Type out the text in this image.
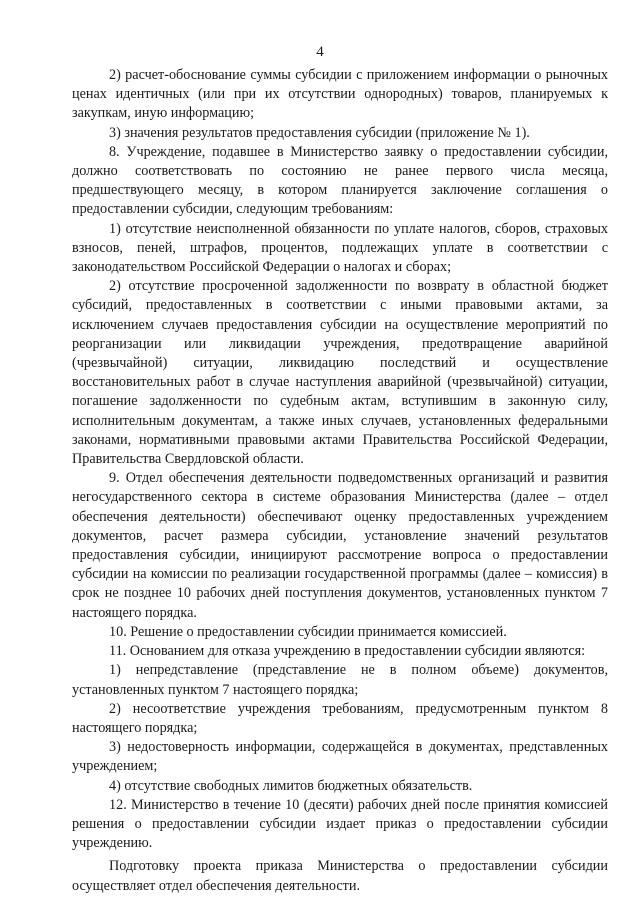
4

2) расчет-обоснование суммы субсидии с приложением информации о рыночных ценах идентичных (или при их отсутствии однородных) товаров, планируемых к закупкам, иную информацию;

3) значения результатов предоставления субсидии (приложение № 1).

8. Учреждение, подавшее в Министерство заявку о предоставлении субсидии, должно соответствовать по состоянию не ранее первого числа месяца, предшествующего месяцу, в котором планируется заключение соглашения о предоставлении субсидии, следующим требованиям:

1) отсутствие неисполненной обязанности по уплате налогов, сборов, страховых взносов, пеней, штрафов, процентов, подлежащих уплате в соответствии с законодательством Российской Федерации о налогах и сборах;

2) отсутствие просроченной задолженности по возврату в областной бюджет субсидий, предоставленных в соответствии с иными правовыми актами, за исключением случаев предоставления субсидии на осуществление мероприятий по реорганизации или ликвидации учреждения, предотвращение аварийной (чрезвычайной) ситуации, ликвидацию последствий и осуществление восстановительных работ в случае наступления аварийной (чрезвычайной) ситуации, погашение задолженности по судебным актам, вступившим в законную силу, исполнительным документам, а также иных случаев, установленных федеральными законами, нормативными правовыми актами Правительства Российской Федерации, Правительства Свердловской области.

9. Отдел обеспечения деятельности подведомственных организаций и развития негосударственного сектора в системе образования Министерства (далее – отдел обеспечения деятельности) обеспечивают оценку предоставленных учреждением документов, расчет размера субсидии, установление значений результатов предоставления субсидии, инициируют рассмотрение вопроса о предоставлении субсидии на комиссии по реализации государственной программы (далее – комиссия) в срок не позднее 10 рабочих дней поступления документов, установленных пунктом 7 настоящего порядка.

10. Решение о предоставлении субсидии принимается комиссией.

11. Основанием для отказа учреждению в предоставлении субсидии являются:

1) непредставление (представление не в полном объеме) документов, установленных пунктом 7 настоящего порядка;

2) несоответствие учреждения требованиям, предусмотренным пунктом 8 настоящего порядка;

3) недостоверность информации, содержащейся в документах, представленных учреждением;

4) отсутствие свободных лимитов бюджетных обязательств.

12. Министерство в течение 10 (десяти) рабочих дней после принятия комиссией решения о предоставлении субсидии издает приказ о предоставлении субсидии учреждению.

Подготовку проекта приказа Министерства о предоставлении субсидии осуществляет отдел обеспечения деятельности.
